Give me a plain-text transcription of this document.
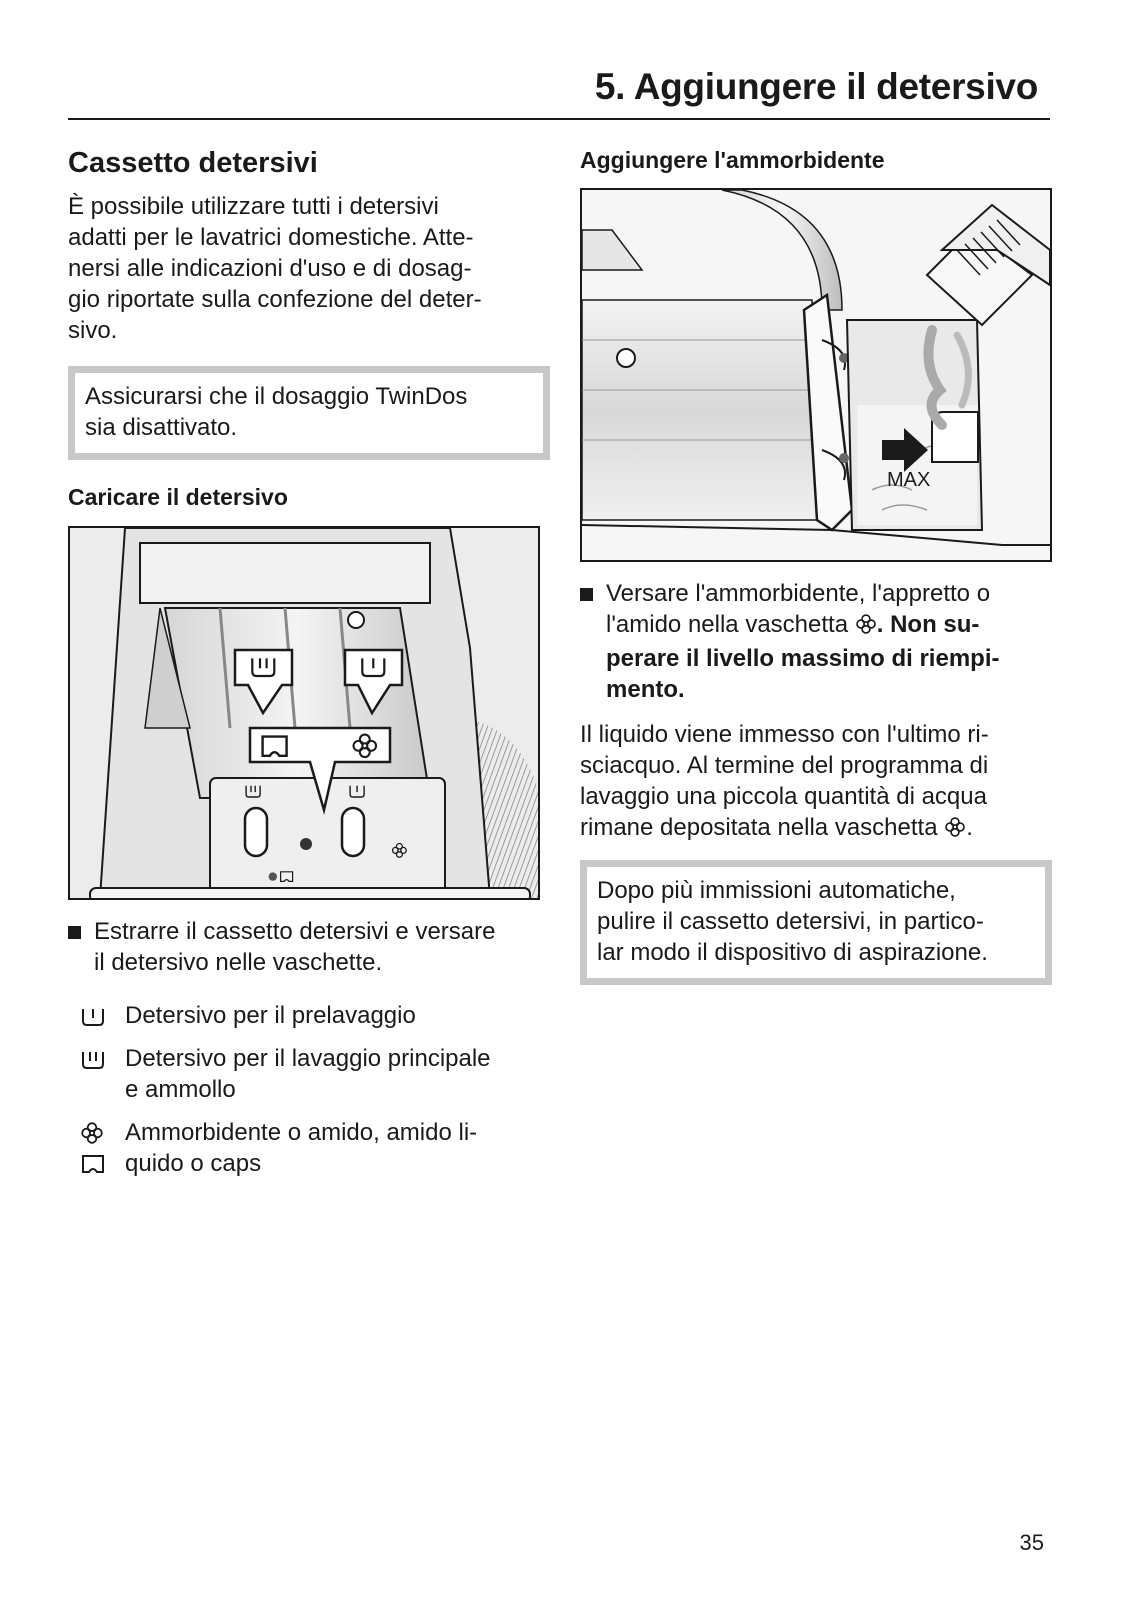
5. Aggiungere il detersivo
Cassetto detersivi
È possibile utilizzare tutti i detersivi
adatti per le lavatrici domestiche. Atte-
nersi alle indicazioni d'uso e di dosag-
gio riportate sulla confezione del deter-
sivo.
Assicurarsi che il dosaggio TwinDos
sia disattivato.
Caricare il detersivo
Estrarre il cassetto detersivi e versare
il detersivo nelle vaschette.
Detersivo per il prelavaggio
Detersivo per il lavaggio principale
e ammollo
Ammorbidente o amido, amido li-
quido o caps
Aggiungere l'ammorbidente
MAX
Versare l'ammorbidente, l'appretto o
l'amido nella vaschetta . Non su-
perare il livello massimo di riempi-
mento.
Il liquido viene immesso con l'ultimo ri-
sciacquo. Al termine del programma di
lavaggio una piccola quantità di acqua
rimane depositata nella vaschetta .
Dopo più immissioni automatiche,
pulire il cassetto detersivi, in partico-
lar modo il dispositivo di aspirazione.
35
